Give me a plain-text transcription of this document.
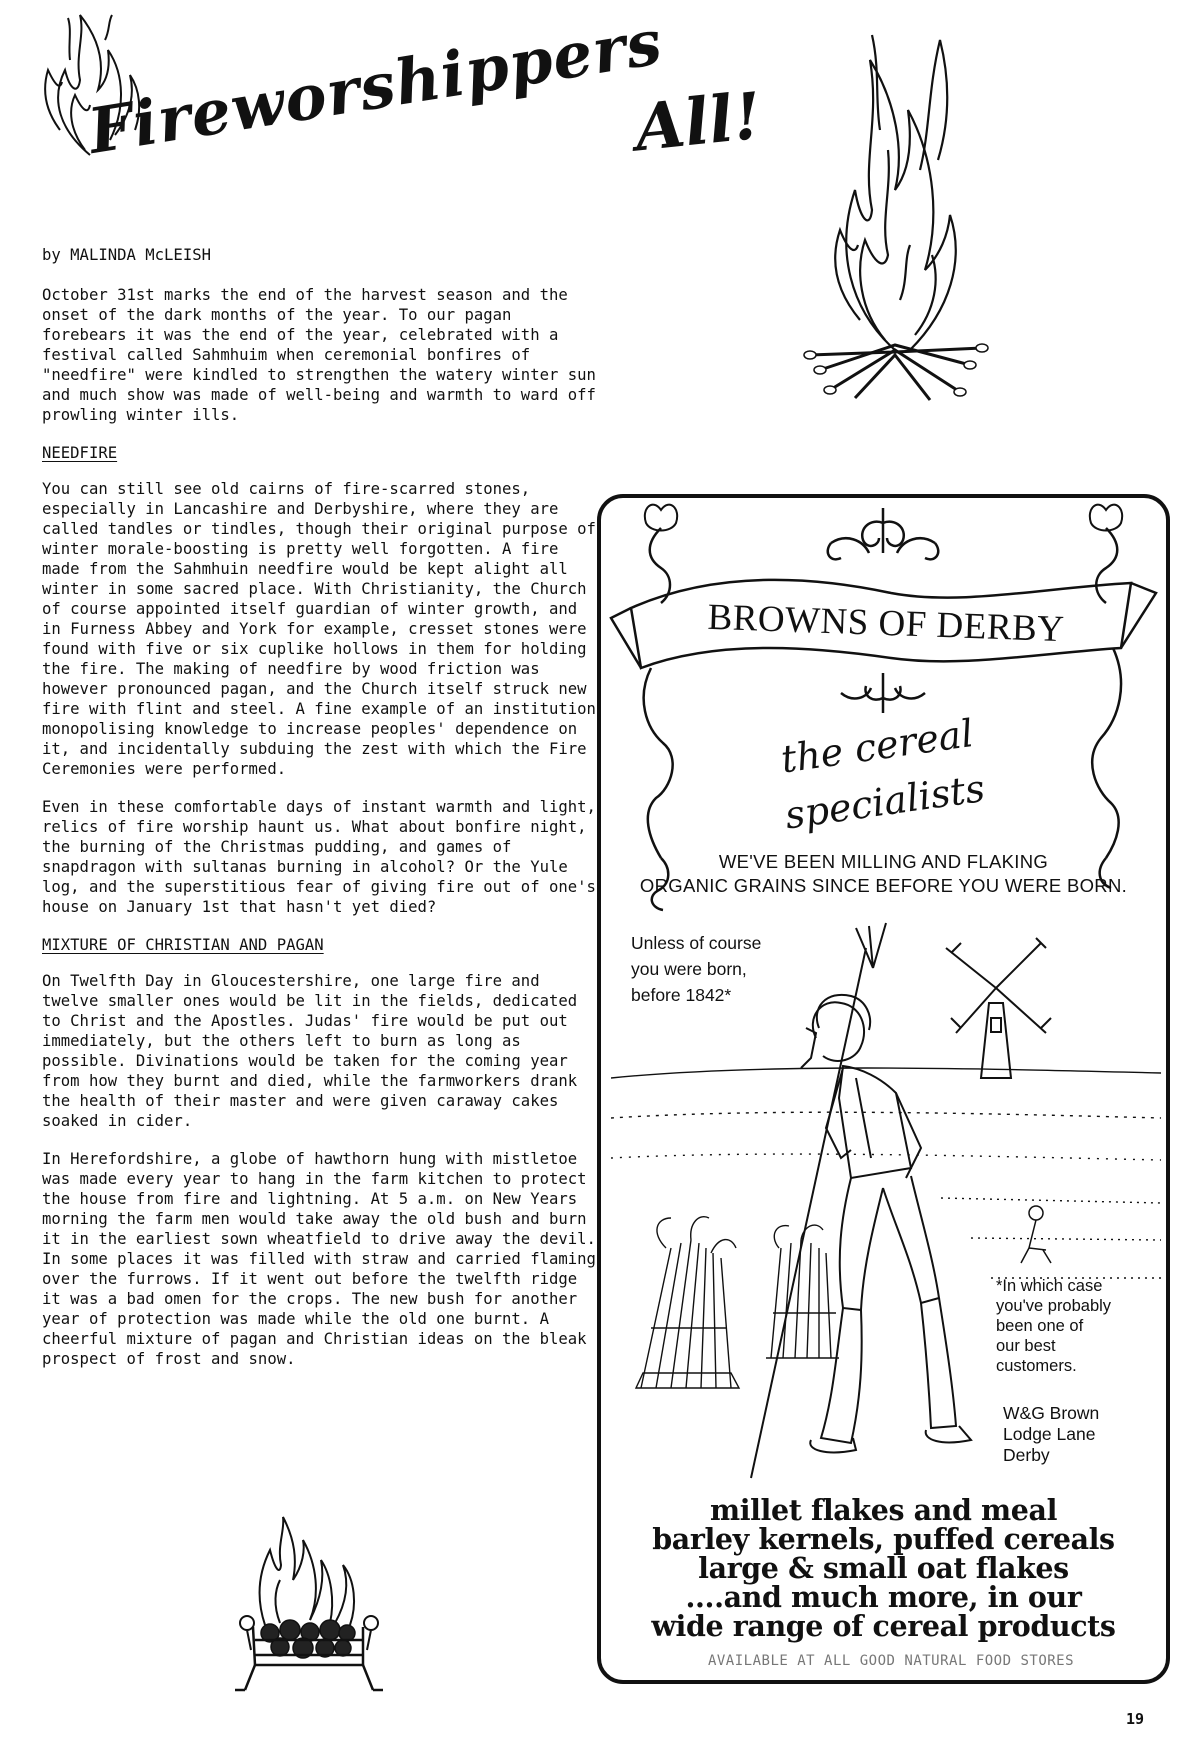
Fireworshippers
All!
by MALINDA McLEISH

October 31st marks the end of the harvest season and the onset of the dark months of the year. To our pagan forebears it was the end of the year, celebrated with a festival called Sahmhuim when ceremonial bonfires of "needfire" were kindled to strengthen the watery winter sun and much show was made of well-being and warmth to ward off prowling winter ills.

NEEDFIRE

You can still see old cairns of fire-scarred stones, especially in Lancashire and Derbyshire, where they are called tandles or tindles, though their original purpose of winter morale-boosting is pretty well forgotten. A fire made from the Sahmhuin needfire would be kept alight all winter in some sacred place. With Christianity, the Church of course appointed itself guardian of winter growth, and in Furness Abbey and York for example, cresset stones were found with five or six cuplike hollows in them for holding the fire. The making of needfire by wood friction was however pronounced pagan, and the Church itself struck new fire with flint and steel. A fine example of an institution monopolising knowledge to increase peoples' dependence on it, and incidentally subduing the zest with which the Fire Ceremonies were performed.

Even in these comfortable days of instant warmth and light, relics of fire worship haunt us. What about bonfire night, the burning of the Christmas pudding, and games of snapdragon with sultanas burning in alcohol? Or the Yule log, and the superstitious fear of giving fire out of one's house on January 1st that hasn't yet died?

MIXTURE OF CHRISTIAN AND PAGAN

On Twelfth Day in Gloucestershire, one large fire and twelve smaller ones would be lit in the fields, dedicated to Christ and the Apostles. Judas' fire would be put out immediately, but the others left to burn as long as possible. Divinations would be taken for the coming year from how they burnt and died, while the farmworkers drank the health of their master and were given caraway cakes soaked in cider.

In Herefordshire, a globe of hawthorn hung with mistletoe was made every year to hang in the farm kitchen to protect the house from fire and lightning. At 5 a.m. on New Years morning the farm men would take away the old bush and burn it in the earliest sown wheatfield to drive away the devil. In some places it was filled with straw and carried flaming over the furrows. If it went out before the twelfth ridge it was a bad omen for the crops. The new bush for another year of protection was made while the old one burnt. A cheerful mixture of pagan and Christian ideas on the bleak prospect of frost and snow.

BROWNS OF DERBY
the cereal
specialists
WE'VE BEEN MILLING AND FLAKING
ORGANIC GRAINS SINCE BEFORE YOU WERE BORN.
Unless of course
you were born,
before 1842*
*In which case
you've probably
been one of
our best
customers.
W&G Brown
Lodge Lane
Derby
millet flakes and meal
barley kernels, puffed cereals
large & small oat flakes
....and much more, in our
wide range of cereal products
AVAILABLE AT ALL GOOD NATURAL FOOD STORES
19
